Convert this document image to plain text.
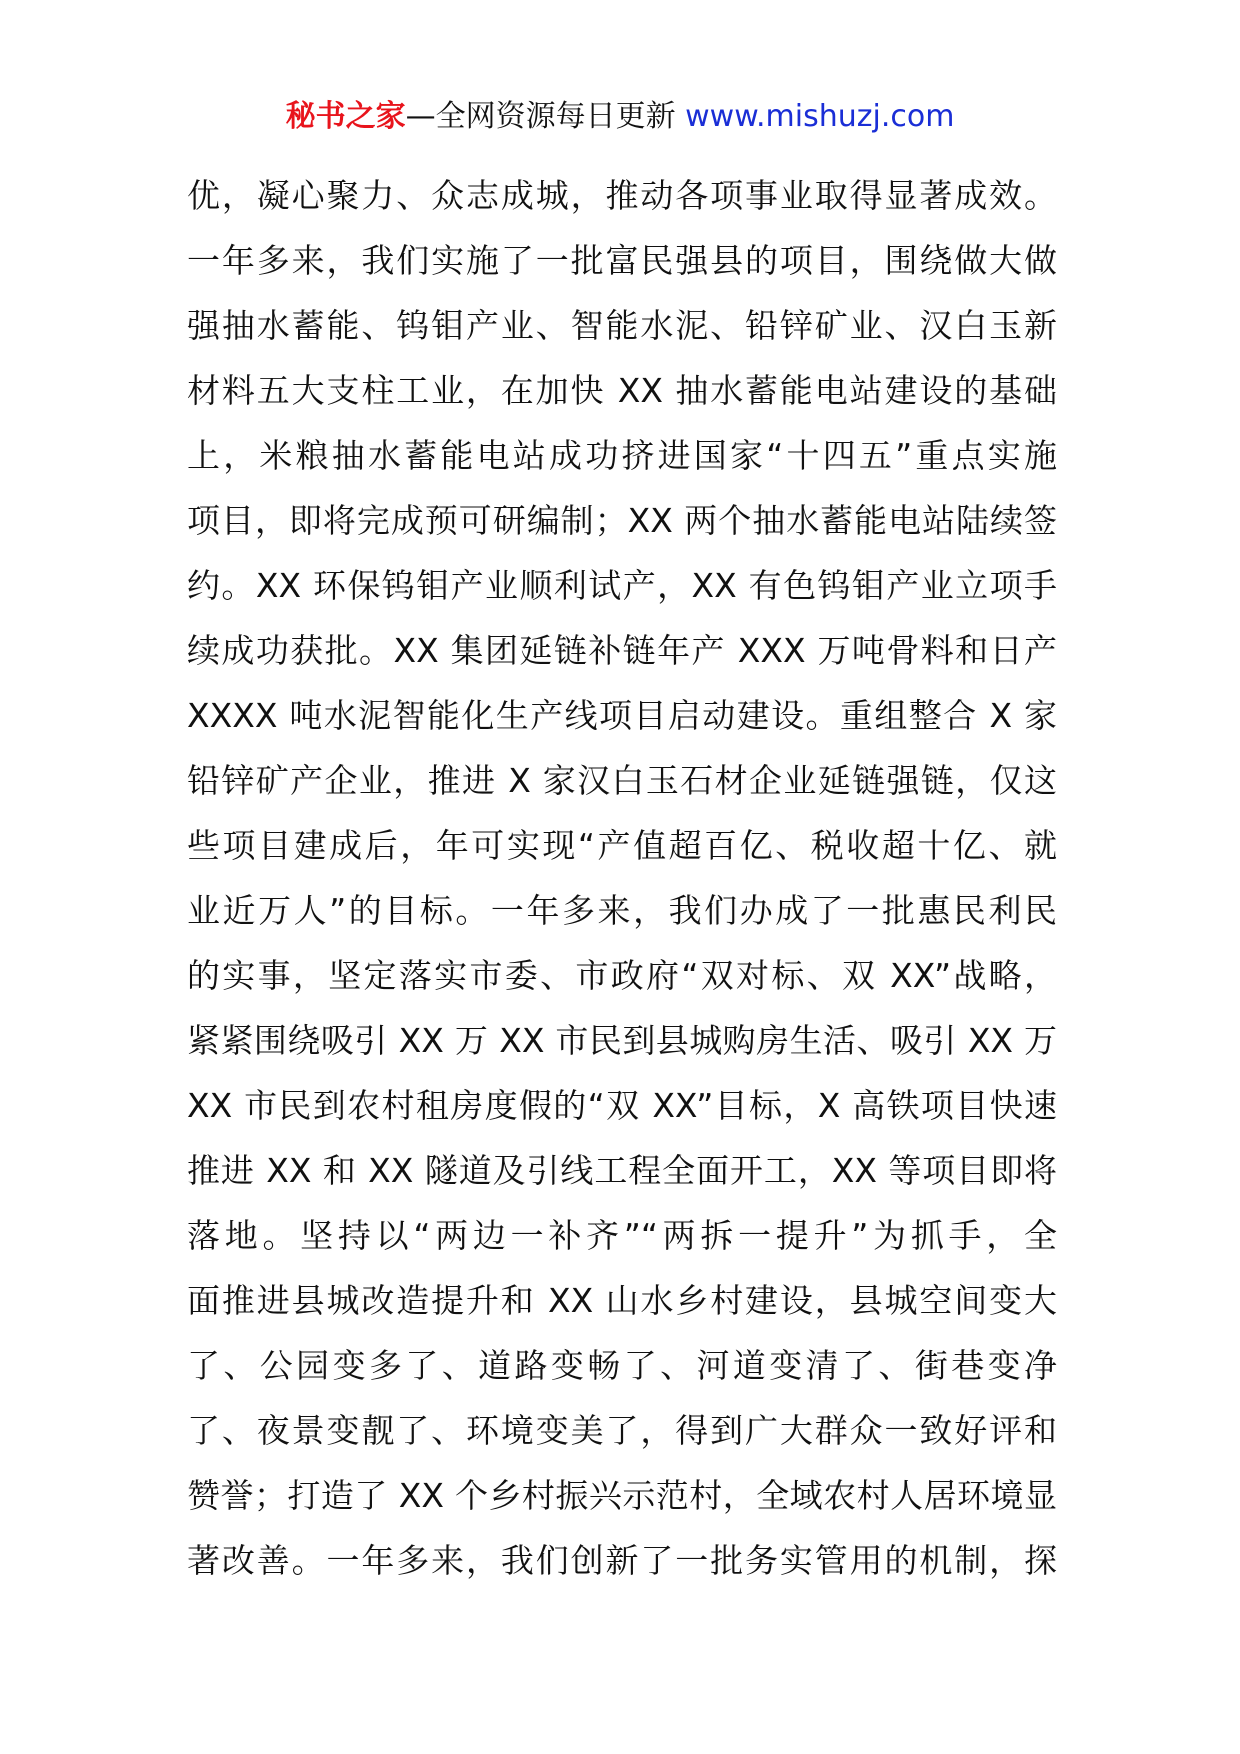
秘书之家—全网资源每日更新 www.mishuzj.com
优，凝心聚力、众志成城，推动各项事业取得显著成效。
一年多来，我们实施了一批富民强县的项目，围绕做大做
强抽水蓄能、钨钼产业、智能水泥、铅锌矿业、汉白玉新
材料五大支柱工业，在加快 XX 抽水蓄能电站建设的基础
上，米粮抽水蓄能电站成功挤进国家“十四五”重点实施
项目，即将完成预可研编制；XX 两个抽水蓄能电站陆续签
约。XX 环保钨钼产业顺利试产，XX 有色钨钼产业立项手
续成功获批。XX 集团延链补链年产 XXX 万吨骨料和日产
XXXX 吨水泥智能化生产线项目启动建设。重组整合 X 家
铅锌矿产企业，推进 X 家汉白玉石材企业延链强链，仅这
些项目建成后，年可实现“产值超百亿、税收超十亿、就
业近万人”的目标。一年多来，我们办成了一批惠民利民
的实事，坚定落实市委、市政府“双对标、双 XX”战略，
紧紧围绕吸引 XX 万 XX 市民到县城购房生活、吸引 XX 万
XX 市民到农村租房度假的“双 XX”目标，X 高铁项目快速
推进 XX 和 XX 隧道及引线工程全面开工，XX 等项目即将
落地。坚持以“两边一补齐”“两拆一提升”为抓手，全
面推进县城改造提升和 XX 山水乡村建设，县城空间变大
了、公园变多了、道路变畅了、河道变清了、街巷变净
了、夜景变靓了、环境变美了，得到广大群众一致好评和
赞誉；打造了 XX 个乡村振兴示范村，全域农村人居环境显
著改善。一年多来，我们创新了一批务实管用的机制，探
